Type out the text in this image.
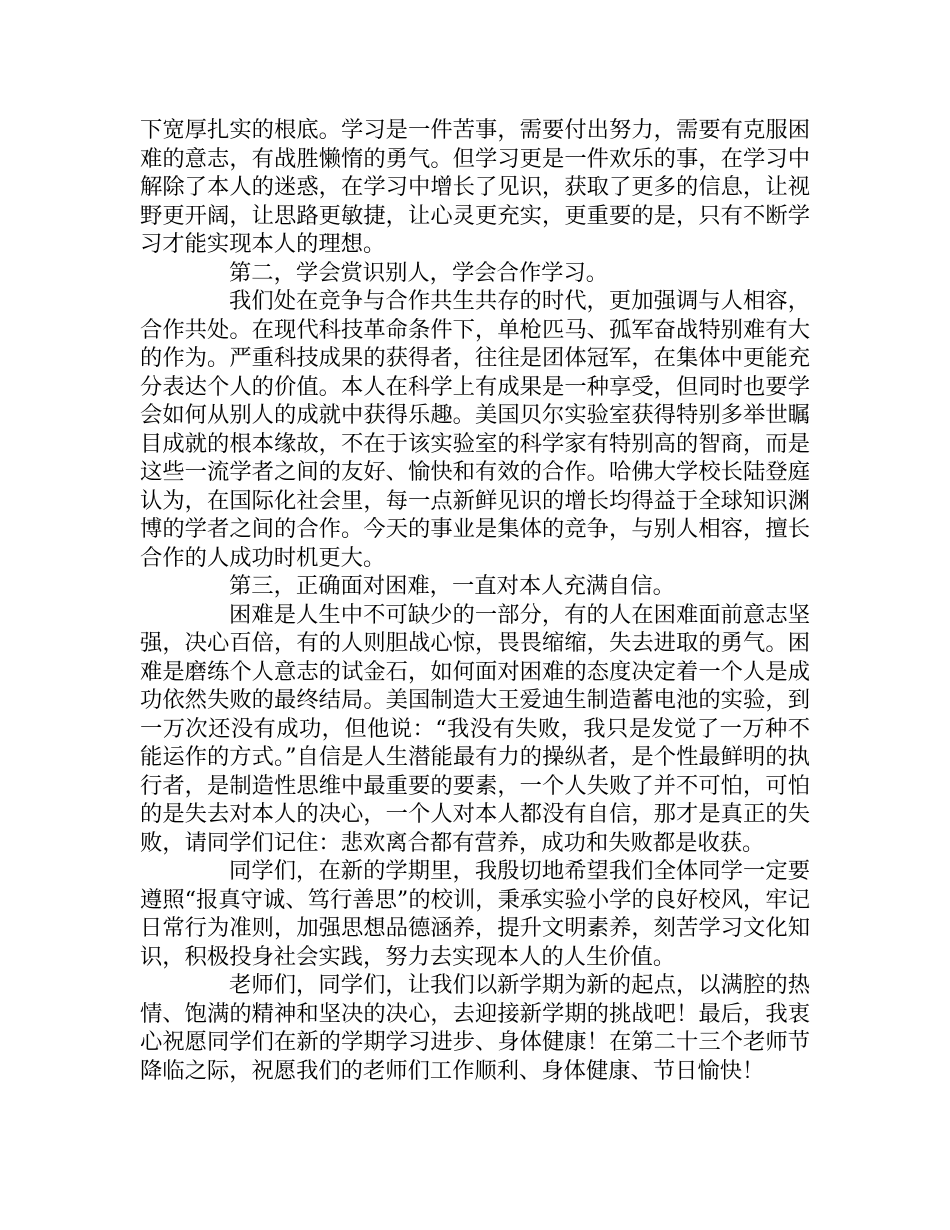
下宽厚扎实的根底。学习是一件苦事，需要付出努力，需要有克服困难的意志，有战胜懒惰的勇气。但学习更是一件欢乐的事，在学习中解除了本人的迷惑，在学习中增长了见识，获取了更多的信息，让视野更开阔，让思路更敏捷，让心灵更充实，更重要的是，只有不断学习才能实现本人的理想。

第二，学会赏识别人，学会合作学习。

我们处在竞争与合作共生共存的时代，更加强调与人相容，合作共处。在现代科技革命条件下，单枪匹马、孤军奋战特别难有大的作为。严重科技成果的获得者，往往是团体冠军，在集体中更能充分表达个人的价值。本人在科学上有成果是一种享受，但同时也要学会如何从别人的成就中获得乐趣。美国贝尔实验室获得特别多举世瞩目成就的根本缘故，不在于该实验室的科学家有特别高的智商，而是这些一流学者之间的友好、愉快和有效的合作。哈佛大学校长陆登庭认为，在国际化社会里，每一点新鲜见识的增长均得益于全球知识渊博的学者之间的合作。今天的事业是集体的竞争，与别人相容，擅长合作的人成功时机更大。

第三，正确面对困难，一直对本人充满自信。

困难是人生中不可缺少的一部分，有的人在困难面前意志坚强，决心百倍，有的人则胆战心惊，畏畏缩缩，失去进取的勇气。困难是磨练个人意志的试金石，如何面对困难的态度决定着一个人是成功依然失败的最终结局。美国制造大王爱迪生制造蓄电池的实验，到一万次还没有成功，但他说：“我没有失败，我只是发觉了一万种不能运作的方式。”自信是人生潜能最有力的操纵者，是个性最鲜明的执行者，是制造性思维中最重要的要素，一个人失败了并不可怕，可怕的是失去对本人的决心，一个人对本人都没有自信，那才是真正的失败，请同学们记住：悲欢离合都有营养，成功和失败都是收获。

同学们，在新的学期里，我殷切地希望我们全体同学一定要遵照“报真守诚、笃行善思”的校训，秉承实验小学的良好校风，牢记日常行为准则，加强思想品德涵养，提升文明素养，刻苦学习文化知识，积极投身社会实践，努力去实现本人的人生价值。

老师们，同学们，让我们以新学期为新的起点，以满腔的热情、饱满的精神和坚决的决心，去迎接新学期的挑战吧！最后，我衷心祝愿同学们在新的学期学习进步、身体健康！在第二十三个老师节降临之际，祝愿我们的老师们工作顺利、身体健康、节日愉快！
